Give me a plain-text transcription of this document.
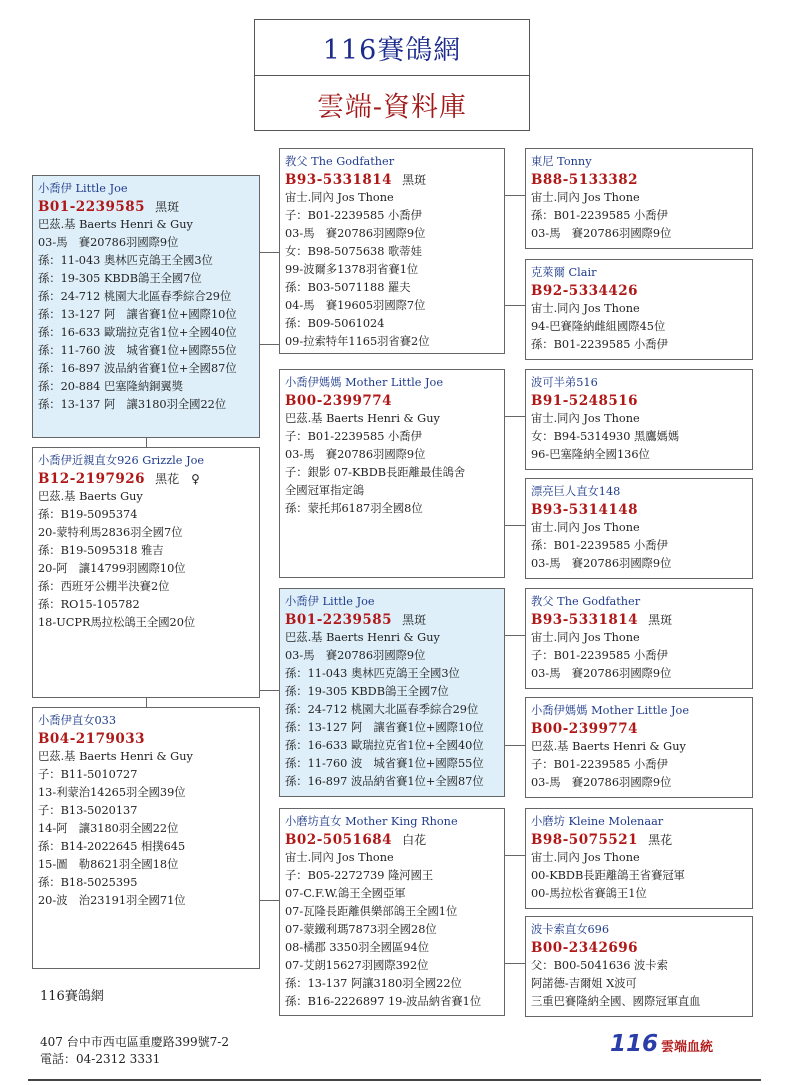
116賽鴿網
雲端-資料庫
小喬伊 Little Joe
B01-2239585 黑斑
巴茲.基 Baerts Henri & Guy
03-馬　賽20786羽國際9位
孫：11-043 奧林匹克鴿王全國3位
孫：19-305 KBDB鴿王全國7位
孫：24-712 桃園大北區春季綜合29位
孫：13-127 阿　讓省賽1位+國際10位
孫：16-633 歐瑞拉克省1位+全國40位
孫：11-760 波　城省賽1位+國際55位
孫：16-897 波品納省賽1位+全國87位
孫：20-884 巴塞隆納銅翼獎
孫：13-137 阿　讓3180羽全國22位
小喬伊近親直女926 Grizzle Joe
B12-2197926 黑花　♀
巴茲.基 Baerts Guy
孫：B19-5095374
20-蒙特利馬2836羽全國7位
孫：B19-5095318 雅吉
20-阿　讓14799羽國際10位
孫：西班牙公棚半決賽2位
孫：RO15-105782
18-UCPR馬拉松鴿王全國20位
小喬伊直女033
B04-2179033
巴茲.基 Baerts Henri & Guy
子：B11-5010727
13-利蒙治14265羽全國39位
子：B13-5020137
14-阿　讓3180羽全國22位
孫：B14-2022645 相撲645
15-圖　勒8621羽全國18位
孫：B18-5025395
20-波　治23191羽全國71位
教父 The Godfather
B93-5331814 黑斑
宙士.同內 Jos Thone
子：B01-2239585 小喬伊
03-馬　賽20786羽國際9位
女：B98-5075638 歌蒂娃
99-波爾多1378羽省賽1位
孫：B03-5071188 羅夫
04-馬　賽19605羽國際7位
孫：B09-5061024
09-拉索特年1165羽省賽2位
小喬伊媽媽 Mother Little Joe
B00-2399774
巴茲.基 Baerts Henri & Guy
子：B01-2239585 小喬伊
03-馬　賽20786羽國際9位
子：銀影 07-KBDB長距離最佳鴿舍
全國冠軍指定鴿
孫：蒙托邦6187羽全國8位
小喬伊 Little Joe
B01-2239585 黑斑
巴茲.基 Baerts Henri & Guy
03-馬　賽20786羽國際9位
孫：11-043 奧林匹克鴿王全國3位
孫：19-305 KBDB鴿王全國7位
孫：24-712 桃園大北區春季綜合29位
孫：13-127 阿　讓省賽1位+國際10位
孫：16-633 歐瑞拉克省1位+全國40位
孫：11-760 波　城省賽1位+國際55位
孫：16-897 波品納省賽1位+全國87位
小磨坊直女 Mother King Rhone
B02-5051684 白花
宙士.同內 Jos Thone
子：B05-2272739 隆河國王
07-C.F.W.鴿王全國亞軍
07-瓦隆長距離俱樂部鴿王全國1位
07-蒙鐵利瑪7873羽全國28位
08-橘郡 3350羽全國區94位
07-艾朗15627羽國際392位
孫：13-137 阿讓3180羽全國22位
孫：B16-2226897 19-波品納省賽1位
東尼 Tonny
B88-5133382
宙士.同內 Jos Thone
孫：B01-2239585 小喬伊
03-馬　賽20786羽國際9位
克萊爾 Clair
B92-5334426
宙士.同內 Jos Thone
94-巴賽隆納雌組國際45位
孫：B01-2239585 小喬伊
波可半弟516
B91-5248516
宙士.同內 Jos Thone
女：B94-5314930 黑鷹媽媽
96-巴塞隆納全國136位
漂亮巨人直女148
B93-5314148
宙士.同內 Jos Thone
孫：B01-2239585 小喬伊
03-馬　賽20786羽國際9位
教父 The Godfather
B93-5331814 黑斑
宙士.同內 Jos Thone
子：B01-2239585 小喬伊
03-馬　賽20786羽國際9位
小喬伊媽媽 Mother Little Joe
B00-2399774
巴茲.基 Baerts Henri & Guy
子：B01-2239585 小喬伊
03-馬　賽20786羽國際9位
小磨坊 Kleine Molenaar
B98-5075521 黑花
宙士.同內 Jos Thone
00-KBDB長距離鴿王省賽冠軍
00-馬拉松省賽鴿王1位
波卡索直女696
B00-2342696
父：B00-5041636 波卡索
阿諾德-吉爾姐 X波可
三重巴賽隆納全國、國際冠軍直血
116賽鴿網
407 台中市西屯區重慶路399號7-2
電話：04-2312 3331
116 雲端血統
